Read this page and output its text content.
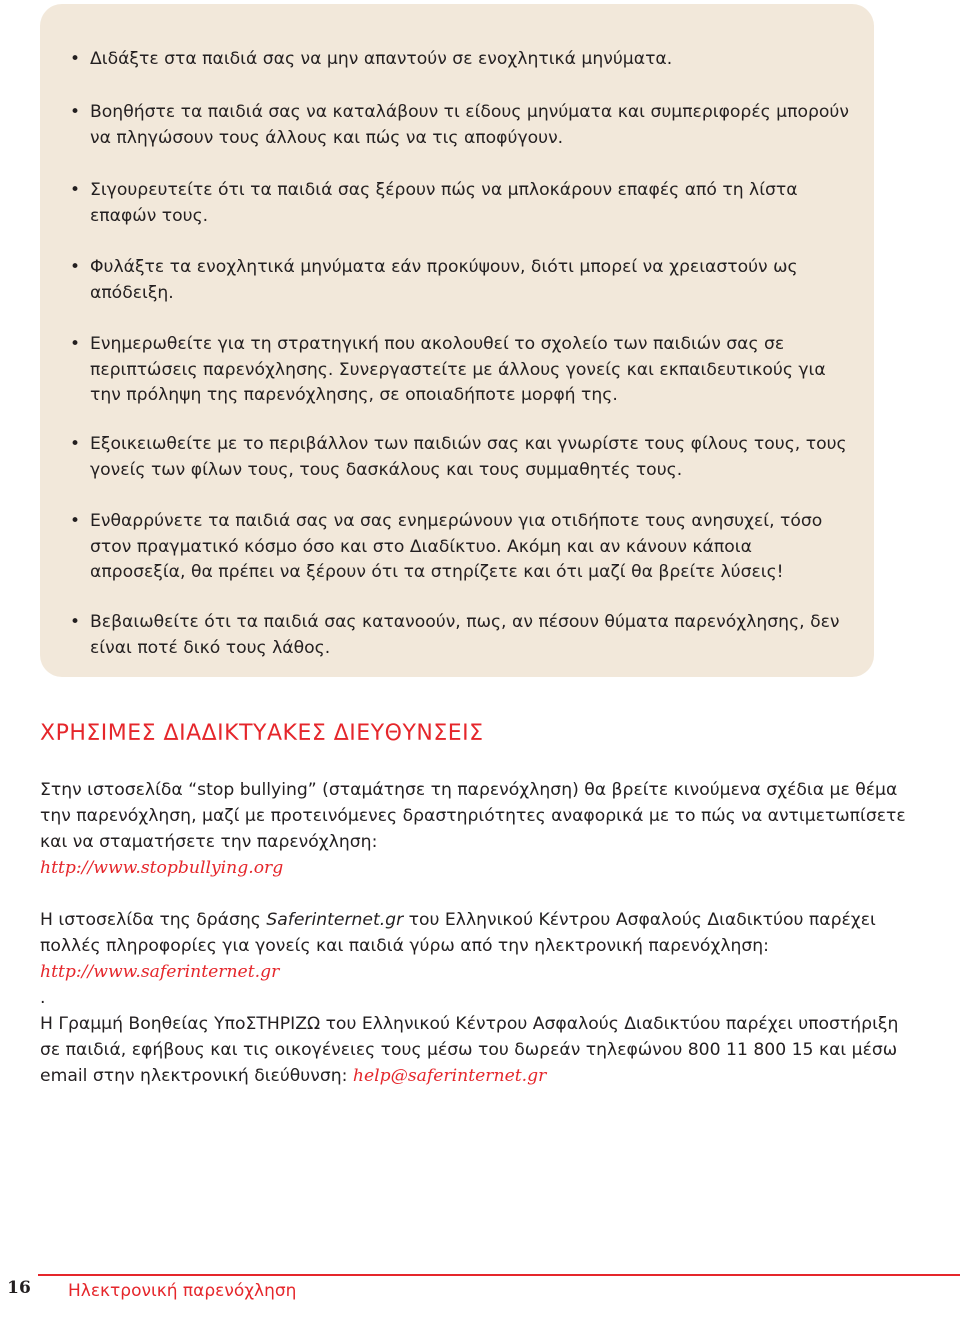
• Διδάξτε στα παιδιά σας να μην απαντούν σε ενοχλητικά μηνύματα.
• Βοηθήστε τα παιδιά σας να καταλάβουν τι είδους μηνύματα και συμπεριφορές μπορούν να πληγώσουν τους άλλους και πώς να τις αποφύγουν.
• Σιγουρευτείτε ότι τα παιδιά σας ξέρουν πώς να μπλοκάρουν επαφές από τη λίστα επαφών τους.
• Φυλάξτε τα ενοχλητικά μηνύματα εάν προκύψουν, διότι μπορεί να χρειαστούν ως απόδειξη.
• Ενημερωθείτε για τη στρατηγική που ακολουθεί το σχολείο των παιδιών σας σε περιπτώσεις παρενόχλησης. Συνεργαστείτε με άλλους γονείς και εκπαιδευτικούς για την πρόληψη της παρενόχλησης, σε οποιαδήποτε μορφή της.
• Εξοικειωθείτε με το περιβάλλον των παιδιών σας και γνωρίστε τους φίλους τους, τους γονείς των φίλων τους, τους δασκάλους και τους συμμαθητές τους.
• Ενθαρρύνετε τα παιδιά σας να σας ενημερώνουν για οτιδήποτε τους ανησυχεί, τόσο στον πραγματικό κόσμο όσο και στο Διαδίκτυο. Ακόμη και αν κάνουν κάποια απροσεξία, θα πρέπει να ξέρουν ότι τα στηρίζετε και ότι μαζί θα βρείτε λύσεις!
• Βεβαιωθείτε ότι τα παιδιά σας κατανοούν, πως, αν πέσουν θύματα παρενόχλησης, δεν είναι ποτέ δικό τους λάθος.
ΧΡΗΣΙΜΕΣ ΔΙΑΔΙΚΤΥΑΚΕΣ ΔΙΕΥΘΥΝΣΕΙΣ

Στην ιστοσελίδα “stop bullying” (σταμάτησε τη παρενόχληση) θα βρείτε κινούμενα σχέδια με θέμα την παρενόχληση, μαζί με προτεινόμενες δραστηριότητες αναφορικά με το πώς να αντιμετωπίσετε και να σταματήσετε την παρενόχληση:
http://www.stopbullying.org

Η ιστοσελίδα της δράσης Saferinternet.gr του Ελληνικού Κέντρου Ασφαλούς Διαδικτύου παρέχει πολλές πληροφορίες για γονείς και παιδιά γύρω από την ηλεκτρονική παρενόχληση: http://www.saferinternet.gr
.

Η Γραμμή Βοηθείας ΥποΣΤΗΡΙΖΩ του Ελληνικού Κέντρου Ασφαλούς Διαδικτύου παρέχει υποστήριξη σε παιδιά, εφήβους και τις οικογένειες τους μέσω του δωρεάν τηλεφώνου 800 11 800 15 και μέσω email στην ηλεκτρονική διεύθυνση: help@saferinternet.gr

16	Ηλεκτρονική παρενόχληση
